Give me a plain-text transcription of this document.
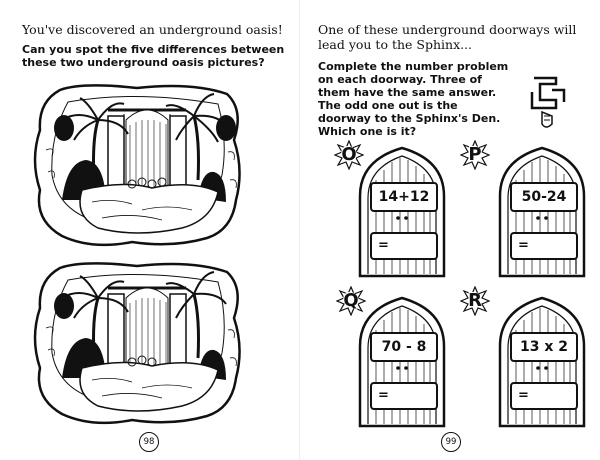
You've discovered an underground oasis!
Can you spot the five differences between these two underground oasis pictures?
98
One of these underground doorways will lead you to the Sphinx...
Complete the number problem on each doorway. Three of them have the same answer. The odd one out is the doorway to the Sphinx's Den. Which one is it?
14+12
=
O
50-24
=
P
70 - 8
=
Q
13 x 2
=
R
99
